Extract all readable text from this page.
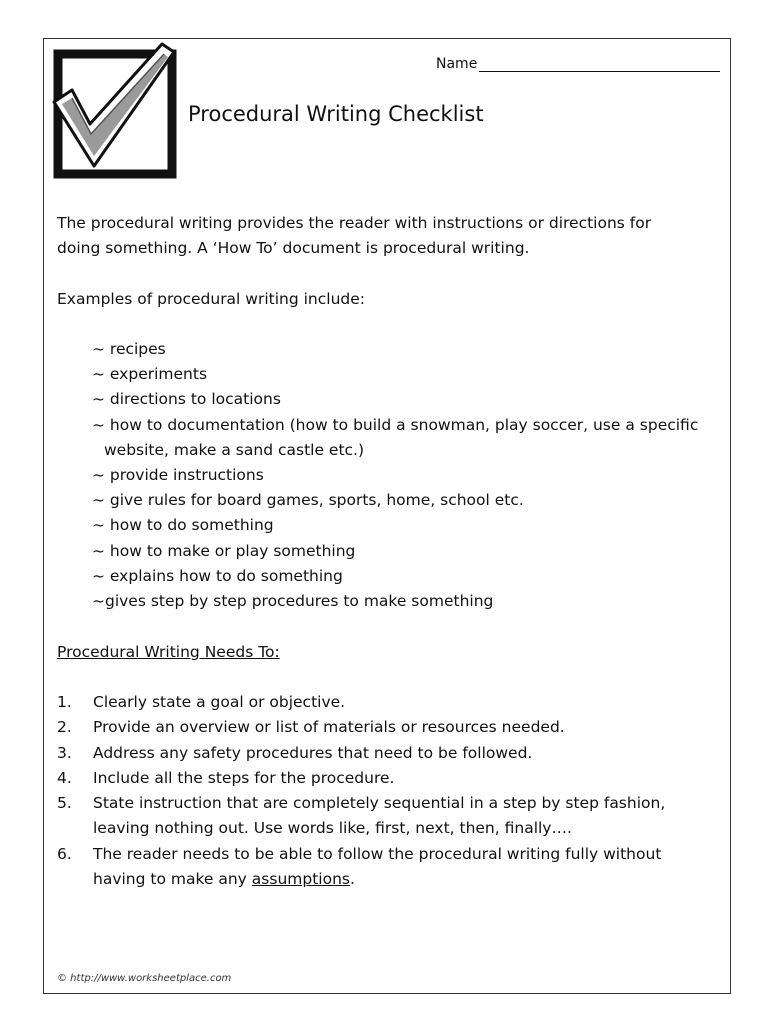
Name
Procedural Writing Checklist
The procedural writing provides the reader with instructions or directions for
doing something. A ‘How To’ document is procedural writing.
Examples of procedural writing include:
~ recipes
~ experiments
~ directions to locations
~ how to documentation (how to build a snowman, play soccer, use a specific
website, make a sand castle etc.)
~ provide instructions
~ give rules for board games, sports, home, school etc.
~ how to do something
~ how to make or play something
~ explains how to do something
~gives step by step procedures to make something
Procedural Writing Needs To:
1.	Clearly state a goal or objective.
2.	Provide an overview or list of materials or resources needed.
3.	Address any safety procedures that need to be followed.
4.	Include all the steps for the procedure.
5.	State instruction that are completely sequential in a step by step fashion,
leaving nothing out. Use words like, first, next, then, finally….
6.	The reader needs to be able to follow the procedural writing fully without
having to make any assumptions.
© http://www.worksheetplace.com
